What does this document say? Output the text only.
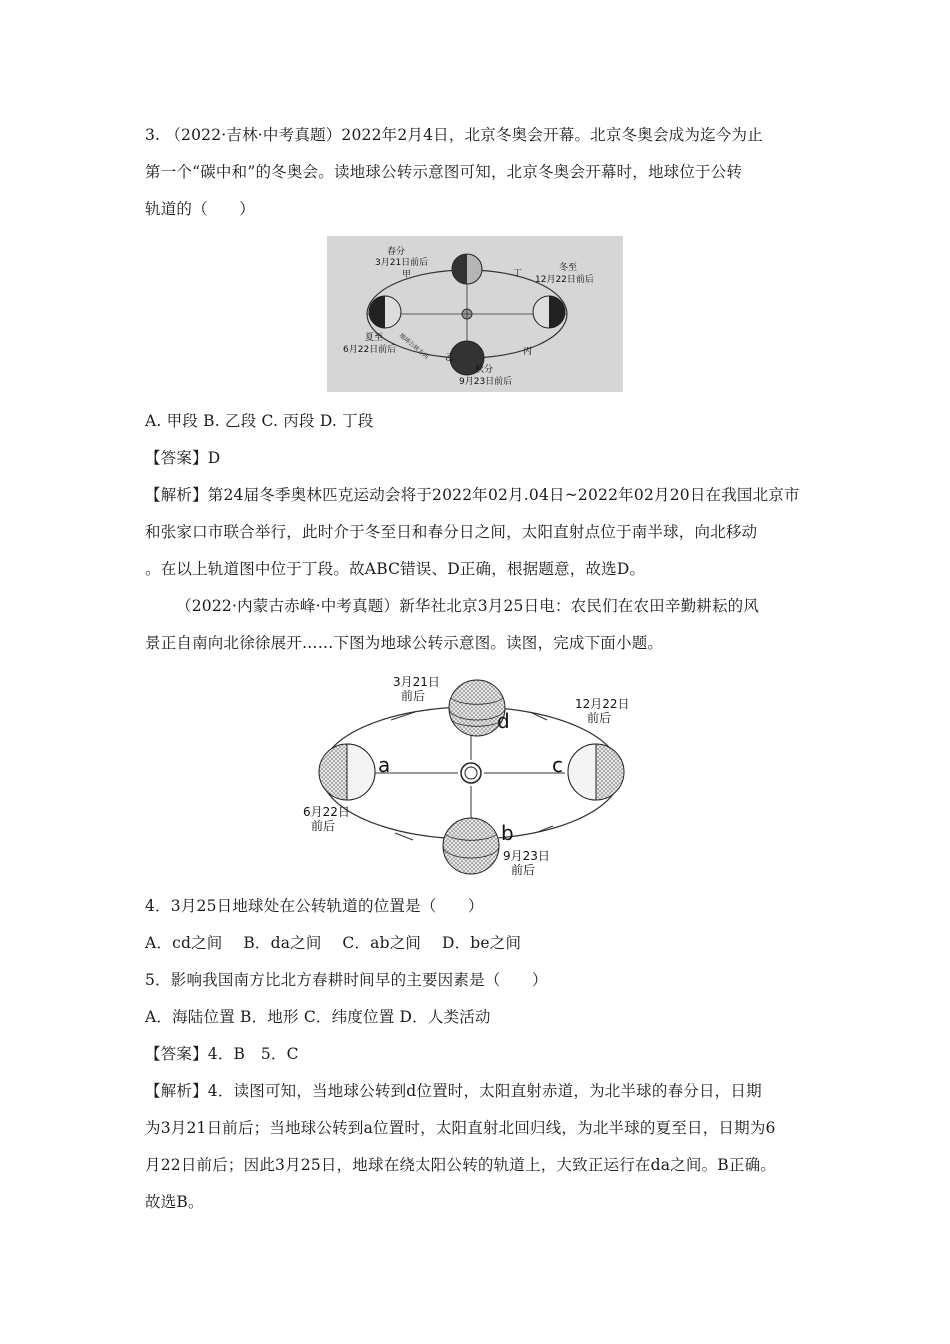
3. （2022·吉林·中考真题）2022年2月4日，北京冬奥会开幕。北京冬奥会成为迄今为止
第一个“碳中和”的冬奥会。读地球公转示意图可知，北京冬奥会开幕时，地球位于公转
轨道的（　　）
春分
3月21日前后
甲
冬至
12月22日前后
丁
夏至
6月22日前后
乙
丙
秋分
9月23日前后
地球公转方向
A. 甲段 B. 乙段 C. 丙段 D. 丁段
【答案】D
【解析】第24届冬季奥林匹克运动会将于2022年02月.04日~2022年02月20日在我国北京市
和张家口市联合举行，此时介于冬至日和春分日之间，太阳直射点位于南半球，向北移动
。在以上轨道图中位于丁段。故ABC错误、D正确，根据题意，故选D。
（2022·内蒙古赤峰·中考真题）新华社北京3月25日电：农民们在农田辛勤耕耘的风
景正自南向北徐徐展开……下图为地球公转示意图。读图，完成下面小题。
3月21日
前后
d
12月22日
前后
c
a
6月22日
前后	b
9月23日
前后
4．3月25日地球处在公转轨道的位置是（　　）
A．cd之间　 B．da之间　 C．ab之间　 D．be之间
5．影响我国南方比北方春耕时间早的主要因素是（　　）
A．海陆位置 B．地形 C．纬度位置 D．人类活动
【答案】4．B　5．C
【解析】4．读图可知，当地球公转到d位置时，太阳直射赤道，为北半球的春分日，日期
为3月21日前后；当地球公转到a位置时，太阳直射北回归线，为北半球的夏至日，日期为6
月22日前后；因此3月25日，地球在绕太阳公转的轨道上，大致正运行在da之间。B正确。
故选B。
